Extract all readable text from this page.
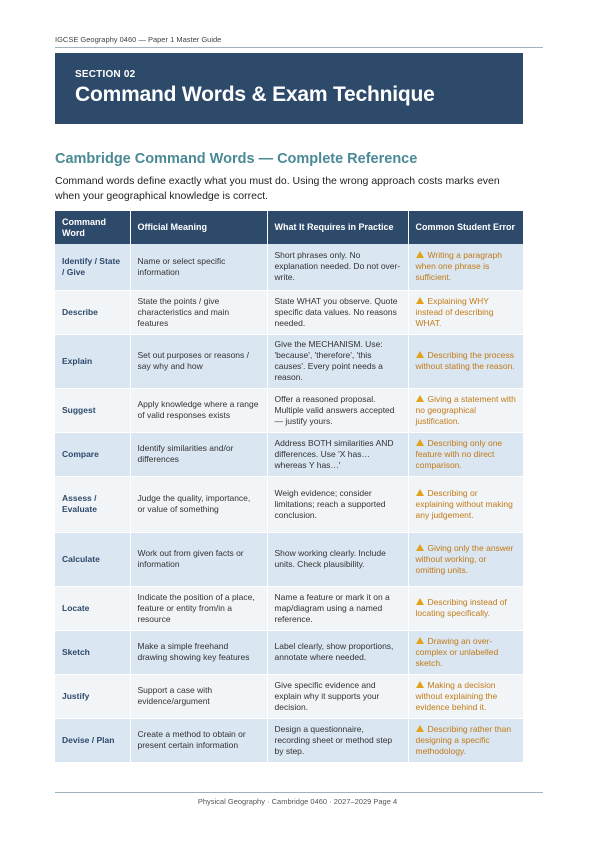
IGCSE Geography 0460 — Paper 1 Master Guide
SECTION 02
Command Words & Exam Technique
Cambridge Command Words — Complete Reference
Command words define exactly what you must do. Using the wrong approach costs marks even when your geographical knowledge is correct.
Command Word	Official Meaning	What It Requires in Practice	Common Student Error
Identify / State / Give	Name or select specific information	Short phrases only. No explanation needed. Do not over-write.	Writing a paragraph when one phrase is sufficient.
Describe	State the points / give characteristics and main features	State WHAT you observe. Quote specific data values. No reasons needed.	Explaining WHY instead of describing WHAT.
Explain	Set out purposes or reasons / say why and how	Give the MECHANISM. Use: 'because', 'therefore', 'this causes'. Every point needs a reason.	Describing the process without stating the reason.
Suggest	Apply knowledge where a range of valid responses exists	Offer a reasoned proposal. Multiple valid answers accepted — justify yours.	Giving a statement with no geographical justification.
Compare	Identify similarities and/or differences	Address BOTH similarities AND differences. Use 'X has… whereas Y has…'	Describing only one feature with no direct comparison.
Assess / Evaluate	Judge the quality, importance, or value of something	Weigh evidence; consider limitations; reach a supported conclusion.	Describing or explaining without making any judgement.
Calculate	Work out from given facts or information	Show working clearly. Include units. Check plausibility.	Giving only the answer without working, or omitting units.
Locate	Indicate the position of a place, feature or entity from/in a resource	Name a feature or mark it on a map/diagram using a named reference.	Describing instead of locating specifically.
Sketch	Make a simple freehand drawing showing key features	Label clearly, show proportions, annotate where needed.	Drawing an over-complex or unlabelled sketch.
Justify	Support a case with evidence/argument	Give specific evidence and explain why it supports your decision.	Making a decision without explaining the evidence behind it.
Devise / Plan	Create a method to obtain or present certain information	Design a questionnaire, recording sheet or method step by step.	Describing rather than designing a specific methodology.
Physical Geography · Cambridge 0460 · 2027–2029 Page 4
